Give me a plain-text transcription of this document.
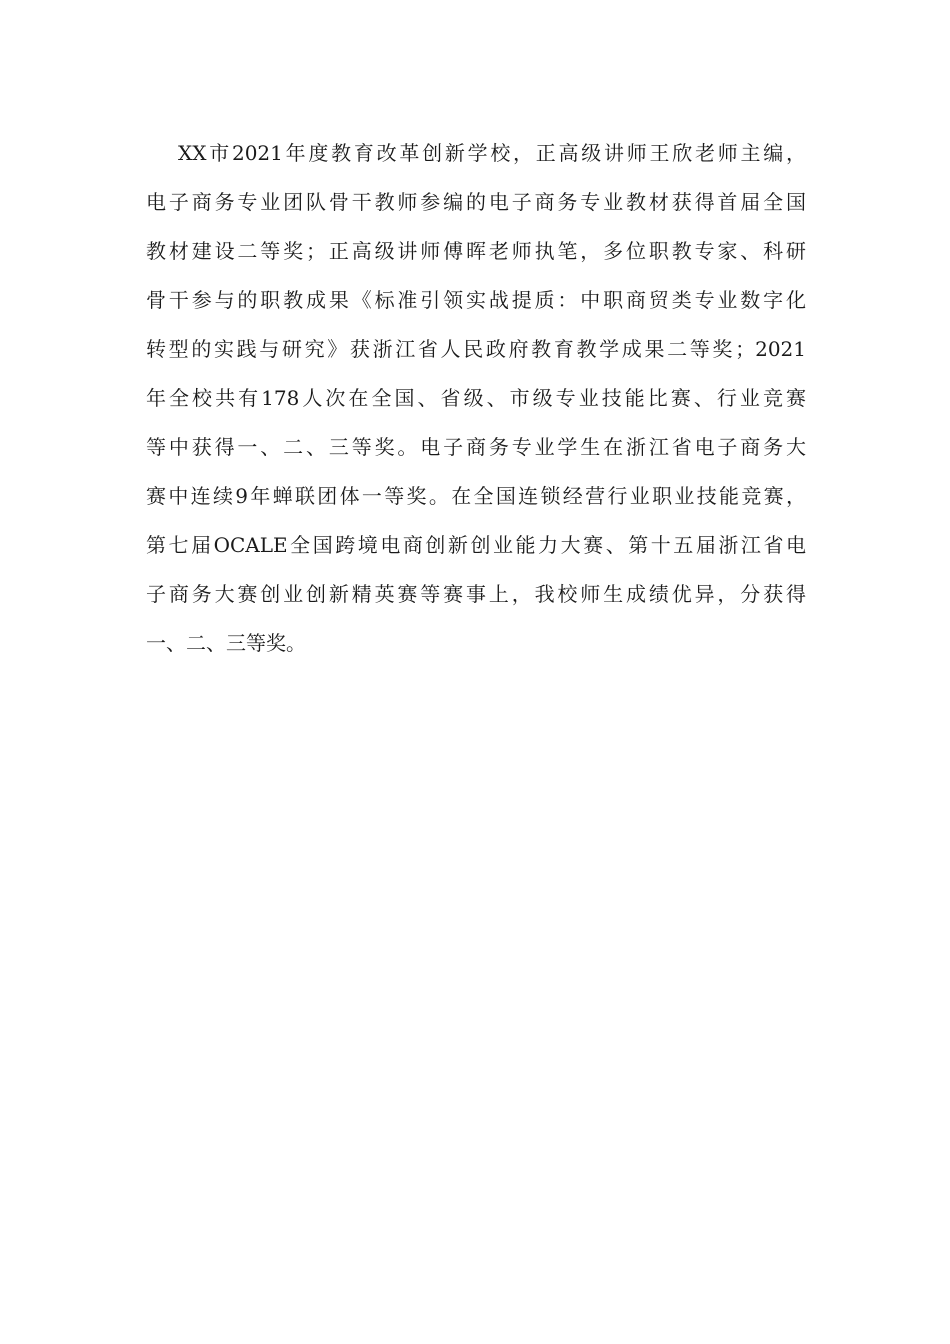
XX市2021年度教育改革创新学校，正高级讲师王欣老师主编，
电子商务专业团队骨干教师参编的电子商务专业教材获得首届全国
教材建设二等奖；正高级讲师傅晖老师执笔，多位职教专家、科研
骨干参与的职教成果《标准引领实战提质：中职商贸类专业数字化
转型的实践与研究》获浙江省人民政府教育教学成果二等奖；2021
年全校共有178人次在全国、省级、市级专业技能比赛、行业竞赛
等中获得一、二、三等奖。电子商务专业学生在浙江省电子商务大
赛中连续9年蝉联团体一等奖。在全国连锁经营行业职业技能竞赛，
第七届OCALE全国跨境电商创新创业能力大赛、第十五届浙江省电
子商务大赛创业创新精英赛等赛事上，我校师生成绩优异，分获得
一、二、三等奖。
